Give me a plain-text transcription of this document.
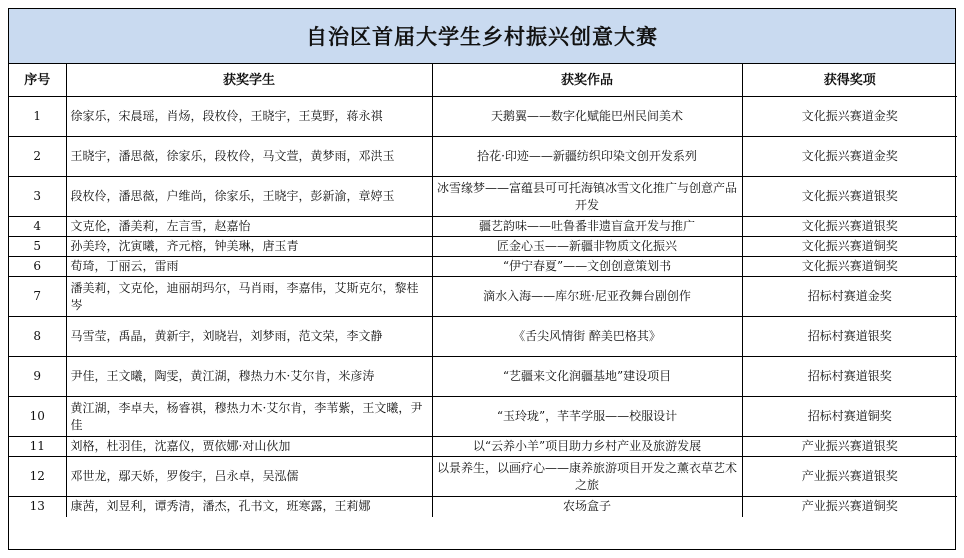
自治区首届大学生乡村振兴创意大赛
序号	获奖学生	获奖作品	获得奖项
1	徐家乐，宋晨瑶，肖炀，段枚伶，王晓宇，王莫野，蒋永祺	天鹅翼——数字化赋能巴州民间美术	文化振兴赛道金奖
2	王晓宇，潘思薇，徐家乐，段枚伶，马文萱，黄梦雨，邓洪玉	拾花·印迹——新疆纺织印染文创开发系列	文化振兴赛道金奖
3	段枚伶，潘思薇，户维尚，徐家乐，王晓宇，彭新渝，章婷玉	冰雪缘梦——富蕴县可可托海镇冰雪文化推广与创意产品开发	文化振兴赛道银奖
4	文克伦，潘美莉，左言雪，赵嘉怡	疆艺韵味——吐鲁番非遗盲盒开发与推广	文化振兴赛道银奖
5	孙美玲，沈寅曦，齐元榕，钟美琳，唐玉青	匠金心玉——新疆非物质文化振兴	文化振兴赛道铜奖
6	荀琦，丁丽云，雷雨	“伊宁春夏”——文创创意策划书	文化振兴赛道铜奖
7	潘美莉，文克伦，迪丽胡玛尔，马肖雨，李嘉伟，艾斯克尔，黎桂岑	滴水入海——库尔班·尼亚孜舞台剧创作	招标村赛道金奖
8	马雪莹，禹晶，黄新宇，刘晓岩，刘梦雨，范文荣，李文静	《舌尖风情街 醉美巴格其》	招标村赛道银奖
9	尹佳，王文曦，陶雯，黄江湖，穆热力木·艾尔肯，米彦涛	“艺疆来文化润疆基地”建设项目	招标村赛道银奖
10	黄江湖，李卓夫，杨睿祺，穆热力木·艾尔肯，李苇紫，王文曦，尹佳	“玉玲珑”，芊芊学服——校服设计	招标村赛道铜奖
11	刘格，杜羽佳，沈嘉仪，贾依娜·对山伙加	以“云养小羊”项目助力乡村产业及旅游发展	产业振兴赛道银奖
12	邓世龙，鄢天娇，罗俊宇，吕永卓，吴泓儒	以景养生，以画疗心——康养旅游项目开发之薰衣草艺术之旅	产业振兴赛道银奖
13	康茜，刘昱利，谭秀清，潘杰，孔书文，班寒露，王莉娜	农场盒子	产业振兴赛道铜奖
